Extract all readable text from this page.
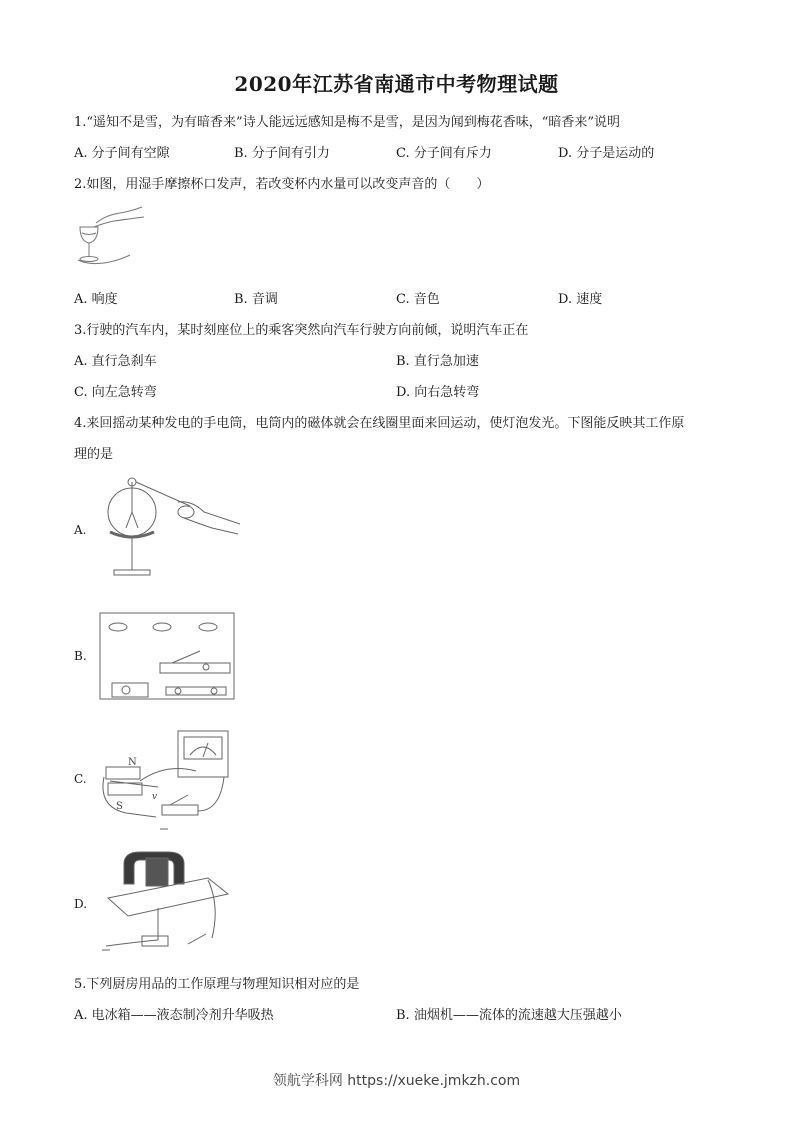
2020年江苏省南通市中考物理试题
1.“遥知不是雪，为有暗香来”诗人能远远感知是梅不是雪，是因为闻到梅花香味，“暗香来”说明
A. 分子间有空隙	B. 分子间有引力	C. 分子间有斥力	D. 分子是运动的
2.如图，用湿手摩擦杯口发声，若改变杯内水量可以改变声音的（　　）
A. 响度	B. 音调	C. 音色	D. 速度
3.行驶的汽车内，某时刻座位上的乘客突然向汽车行驶方向前倾，说明汽车正在
A. 直行急刹车	B. 直行急加速
C. 向左急转弯	D. 向右急转弯
4.来回摇动某种发电的手电筒，电筒内的磁体就会在线圈里面来回运动，使灯泡发光。下图能反映其工作原
理的是
A.
B.
C.
N
S
v
D.
5.下列厨房用品的工作原理与物理知识相对应的是
A. 电冰箱——液态制冷剂升华吸热	B. 油烟机——流体的流速越大压强越小
领航学科网 https://xueke.jmkzh.com
